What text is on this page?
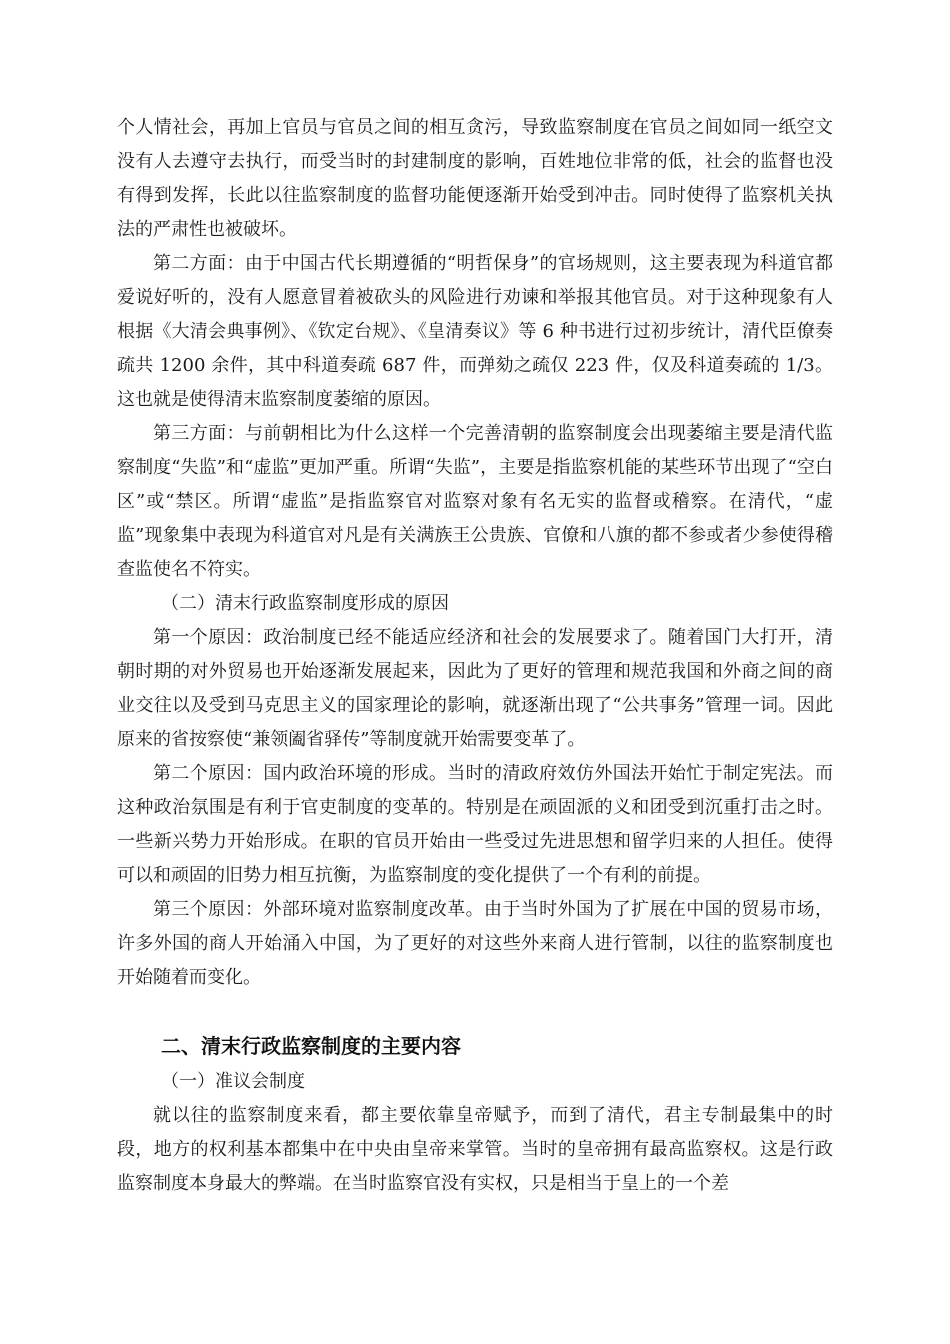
个人情社会，再加上官员与官员之间的相互贪污，导致监察制度在官员之间如同一纸空文没有人去遵守去执行，而受当时的封建制度的影响，百姓地位非常的低，社会的监督也没有得到发挥，长此以往监察制度的监督功能便逐渐开始受到冲击。同时使得了监察机关执法的严肃性也被破坏。

第二方面：由于中国古代长期遵循的“明哲保身”的官场规则，这主要表现为科道官都爱说好听的，没有人愿意冒着被砍头的风险进行劝谏和举报其他官员。对于这种现象有人根据《大清会典事例》、《钦定台规》、《皇清奏议》等 6 种书进行过初步统计，清代臣僚奏疏共 1200 余件，其中科道奏疏 687 件，而弹劾之疏仅 223 件，仅及科道奏疏的 1/3。这也就是使得清末监察制度萎缩的原因。

第三方面：与前朝相比为什么这样一个完善清朝的监察制度会出现萎缩主要是清代监察制度“失监”和“虚监”更加严重。所谓“失监”，主要是指监察机能的某些环节出现了“空白区”或“禁区。所谓“虚监”是指监察官对监察对象有名无实的监督或稽察。在清代，“虚监”现象集中表现为科道官对凡是有关满族王公贵族、官僚和八旗的都不参或者少参使得稽查监使名不符实。

（二）清末行政监察制度形成的原因

第一个原因：政治制度已经不能适应经济和社会的发展要求了。随着国门大打开，清朝时期的对外贸易也开始逐渐发展起来，因此为了更好的管理和规范我国和外商之间的商业交往以及受到马克思主义的国家理论的影响，就逐渐出现了“公共事务”管理一词。因此原来的省按察使“兼领阖省驿传”等制度就开始需要变革了。

第二个原因：国内政治环境的形成。当时的清政府效仿外国法开始忙于制定宪法。而这种政治氛围是有利于官吏制度的变革的。特别是在顽固派的义和团受到沉重打击之时。一些新兴势力开始形成。在职的官员开始由一些受过先进思想和留学归来的人担任。使得可以和顽固的旧势力相互抗衡，为监察制度的变化提供了一个有利的前提。

第三个原因：外部环境对监察制度改革。由于当时外国为了扩展在中国的贸易市场，许多外国的商人开始涌入中国，为了更好的对这些外来商人进行管制，以往的监察制度也开始随着而变化。

二、清末行政监察制度的主要内容

（一）准议会制度

就以往的监察制度来看，都主要依靠皇帝赋予，而到了清代，君主专制最集中的时段，地方的权利基本都集中在中央由皇帝来掌管。当时的皇帝拥有最高监察权。这是行政监察制度本身最大的弊端。在当时监察官没有实权，只是相当于皇上的一个差
